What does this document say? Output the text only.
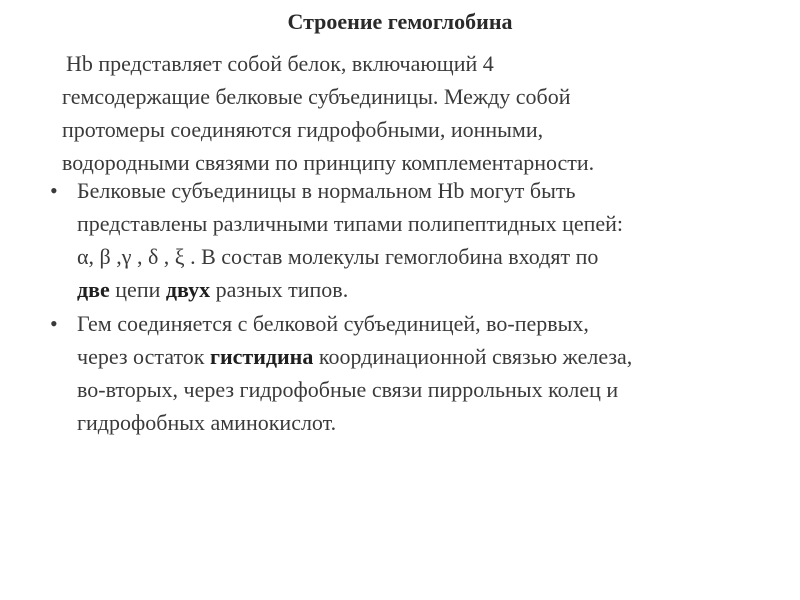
Строение гемоглобина
Hb представляет собой белок, включающий 4
гемсодержащие белковые субъединицы. Между собой
протомеры соединяются гидрофобными, ионными,
водородными связями по принципу комплементарности.
• Белковые субъединицы в нормальном Hb могут быть
представлены различными типами полипептидных цепей:
α, β ,γ , δ , ξ . В состав молекулы гемоглобина входят по
две цепи двух разных типов.
• Гем соединяется с белковой субъединицей, во-первых,
через остаток гистидина координационной связью железа,
во-вторых, через гидрофобные связи пиррольных колец и
гидрофобных аминокислот.
